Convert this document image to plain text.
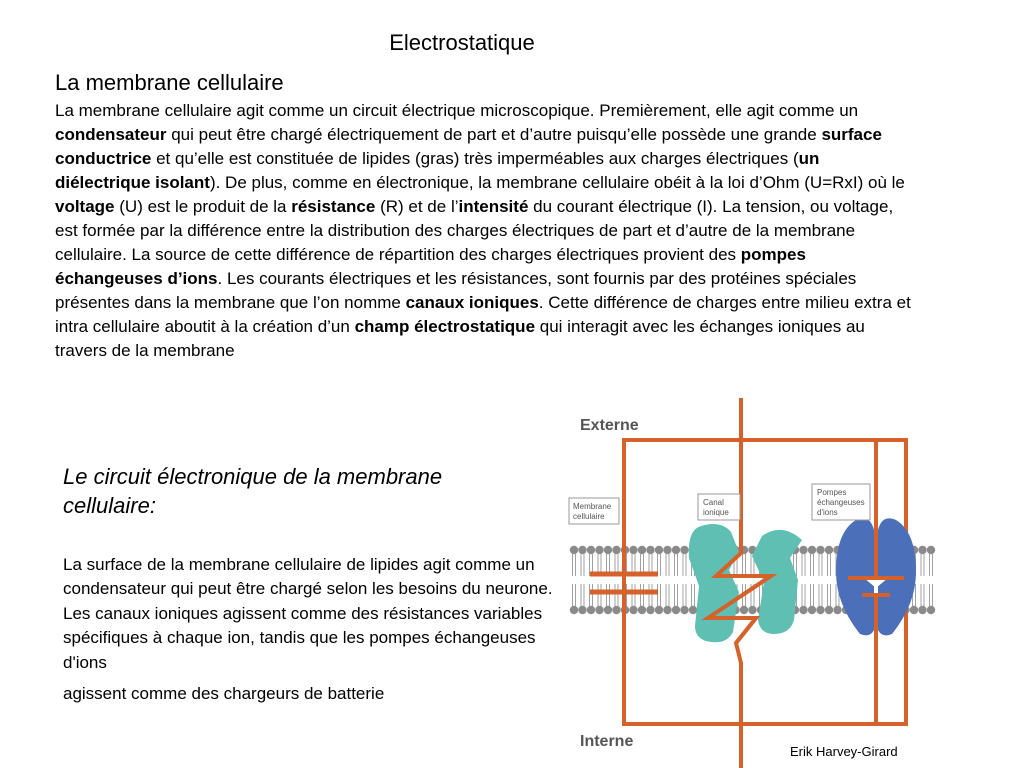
Electrostatique
La membrane cellulaire
La membrane cellulaire agit comme un circuit électrique microscopique. Premièrement, elle agit comme un condensateur qui peut être chargé électriquement de part et d’autre puisqu’elle possède une grande surface conductrice et qu’elle est constituée de lipides (gras) très imperméables aux charges électriques (un diélectrique isolant). De plus, comme en électronique, la membrane cellulaire obéit à la loi d’Ohm (U=RxI) où le voltage (U) est le produit de la résistance (R) et de l’intensité du courant électrique (I). La tension, ou voltage, est formée par la différence entre la distribution des charges électriques de part et d’autre de la membrane cellulaire. La source de cette différence de répartition des charges électriques provient des pompes échangeuses d’ions. Les courants électriques et les résistances, sont fournis par des protéines spéciales présentes dans la membrane que l’on nomme canaux ioniques. Cette différence de charges entre milieu extra et intra cellulaire aboutit à la création d’un champ électrostatique qui interagit avec les échanges ioniques au travers de la membrane
Le circuit électronique de la membrane cellulaire:
La surface de la membrane cellulaire de lipides agit comme un condensateur qui peut être chargé selon les besoins du neurone. Les canaux ioniques agissent comme des résistances variables spécifiques à chaque ion, tandis que les pompes échangeuses d'ions
agissent comme des chargeurs de batterie
Externe
Interne
Membrane
cellulaire
Canal
ionique
Pompes
échangeuses
d'ions
Erik Harvey-Girard
